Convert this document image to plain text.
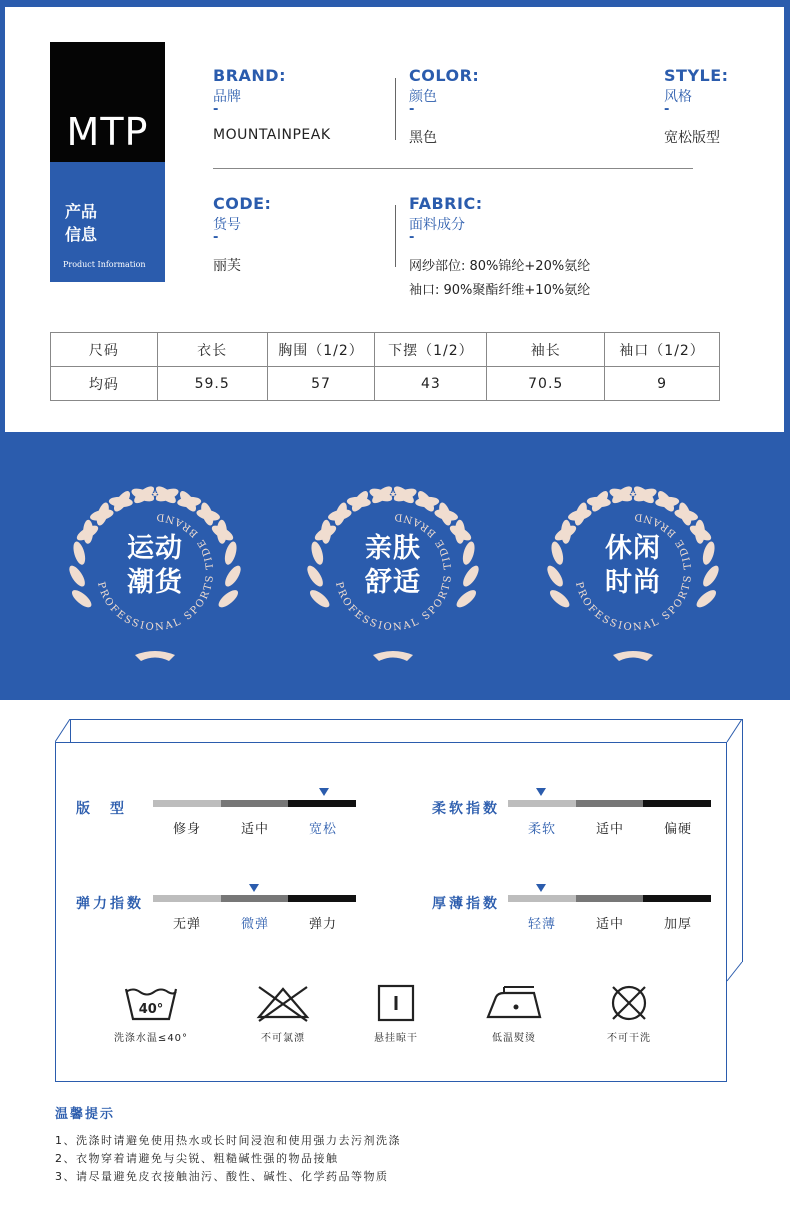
MTP
产品
信息
Product Information
BRAND:
品牌
-
MOUNTAINPEAK
COLOR:
颜色
-
黑色
STYLE:
风格
-
宽松版型
CODE:
货号
-
丽芙
FABRIC:
面料成分
-
网纱部位: 80%锦纶+20%氨纶
袖口: 90%聚酯纤维+10%氨纶
尺码	衣长	胸围（1/2）	下摆（1/2）	袖长	袖口（1/2）
均码	59.5	57	43	70.5	9
★ ★ ★ ★ ★
PROFESSIONAL SPORTS TIDE BRAND
运动
潮货
★ ★ ★ ★ ★
PROFESSIONAL SPORTS TIDE BRAND
亲肤
舒适
★ ★ ★ ★ ★
PROFESSIONAL SPORTS TIDE BRAND
休闲
时尚
版　型	柔软指数
弹力指数	厚薄指数
修身	适中	宽松	柔软	适中	偏硬
无弹	微弹	弹力	轻薄	适中	加厚
40°
洗涤水温≤40°	不可氯漂	悬挂晾干	低温熨烫	不可干洗
温馨提示
1、洗涤时请避免使用热水或长时间浸泡和使用强力去污剂洗涤
2、衣物穿着请避免与尖锐、粗糙碱性强的物品接触
3、请尽量避免皮衣接触油污、酸性、碱性、化学药品等物质
